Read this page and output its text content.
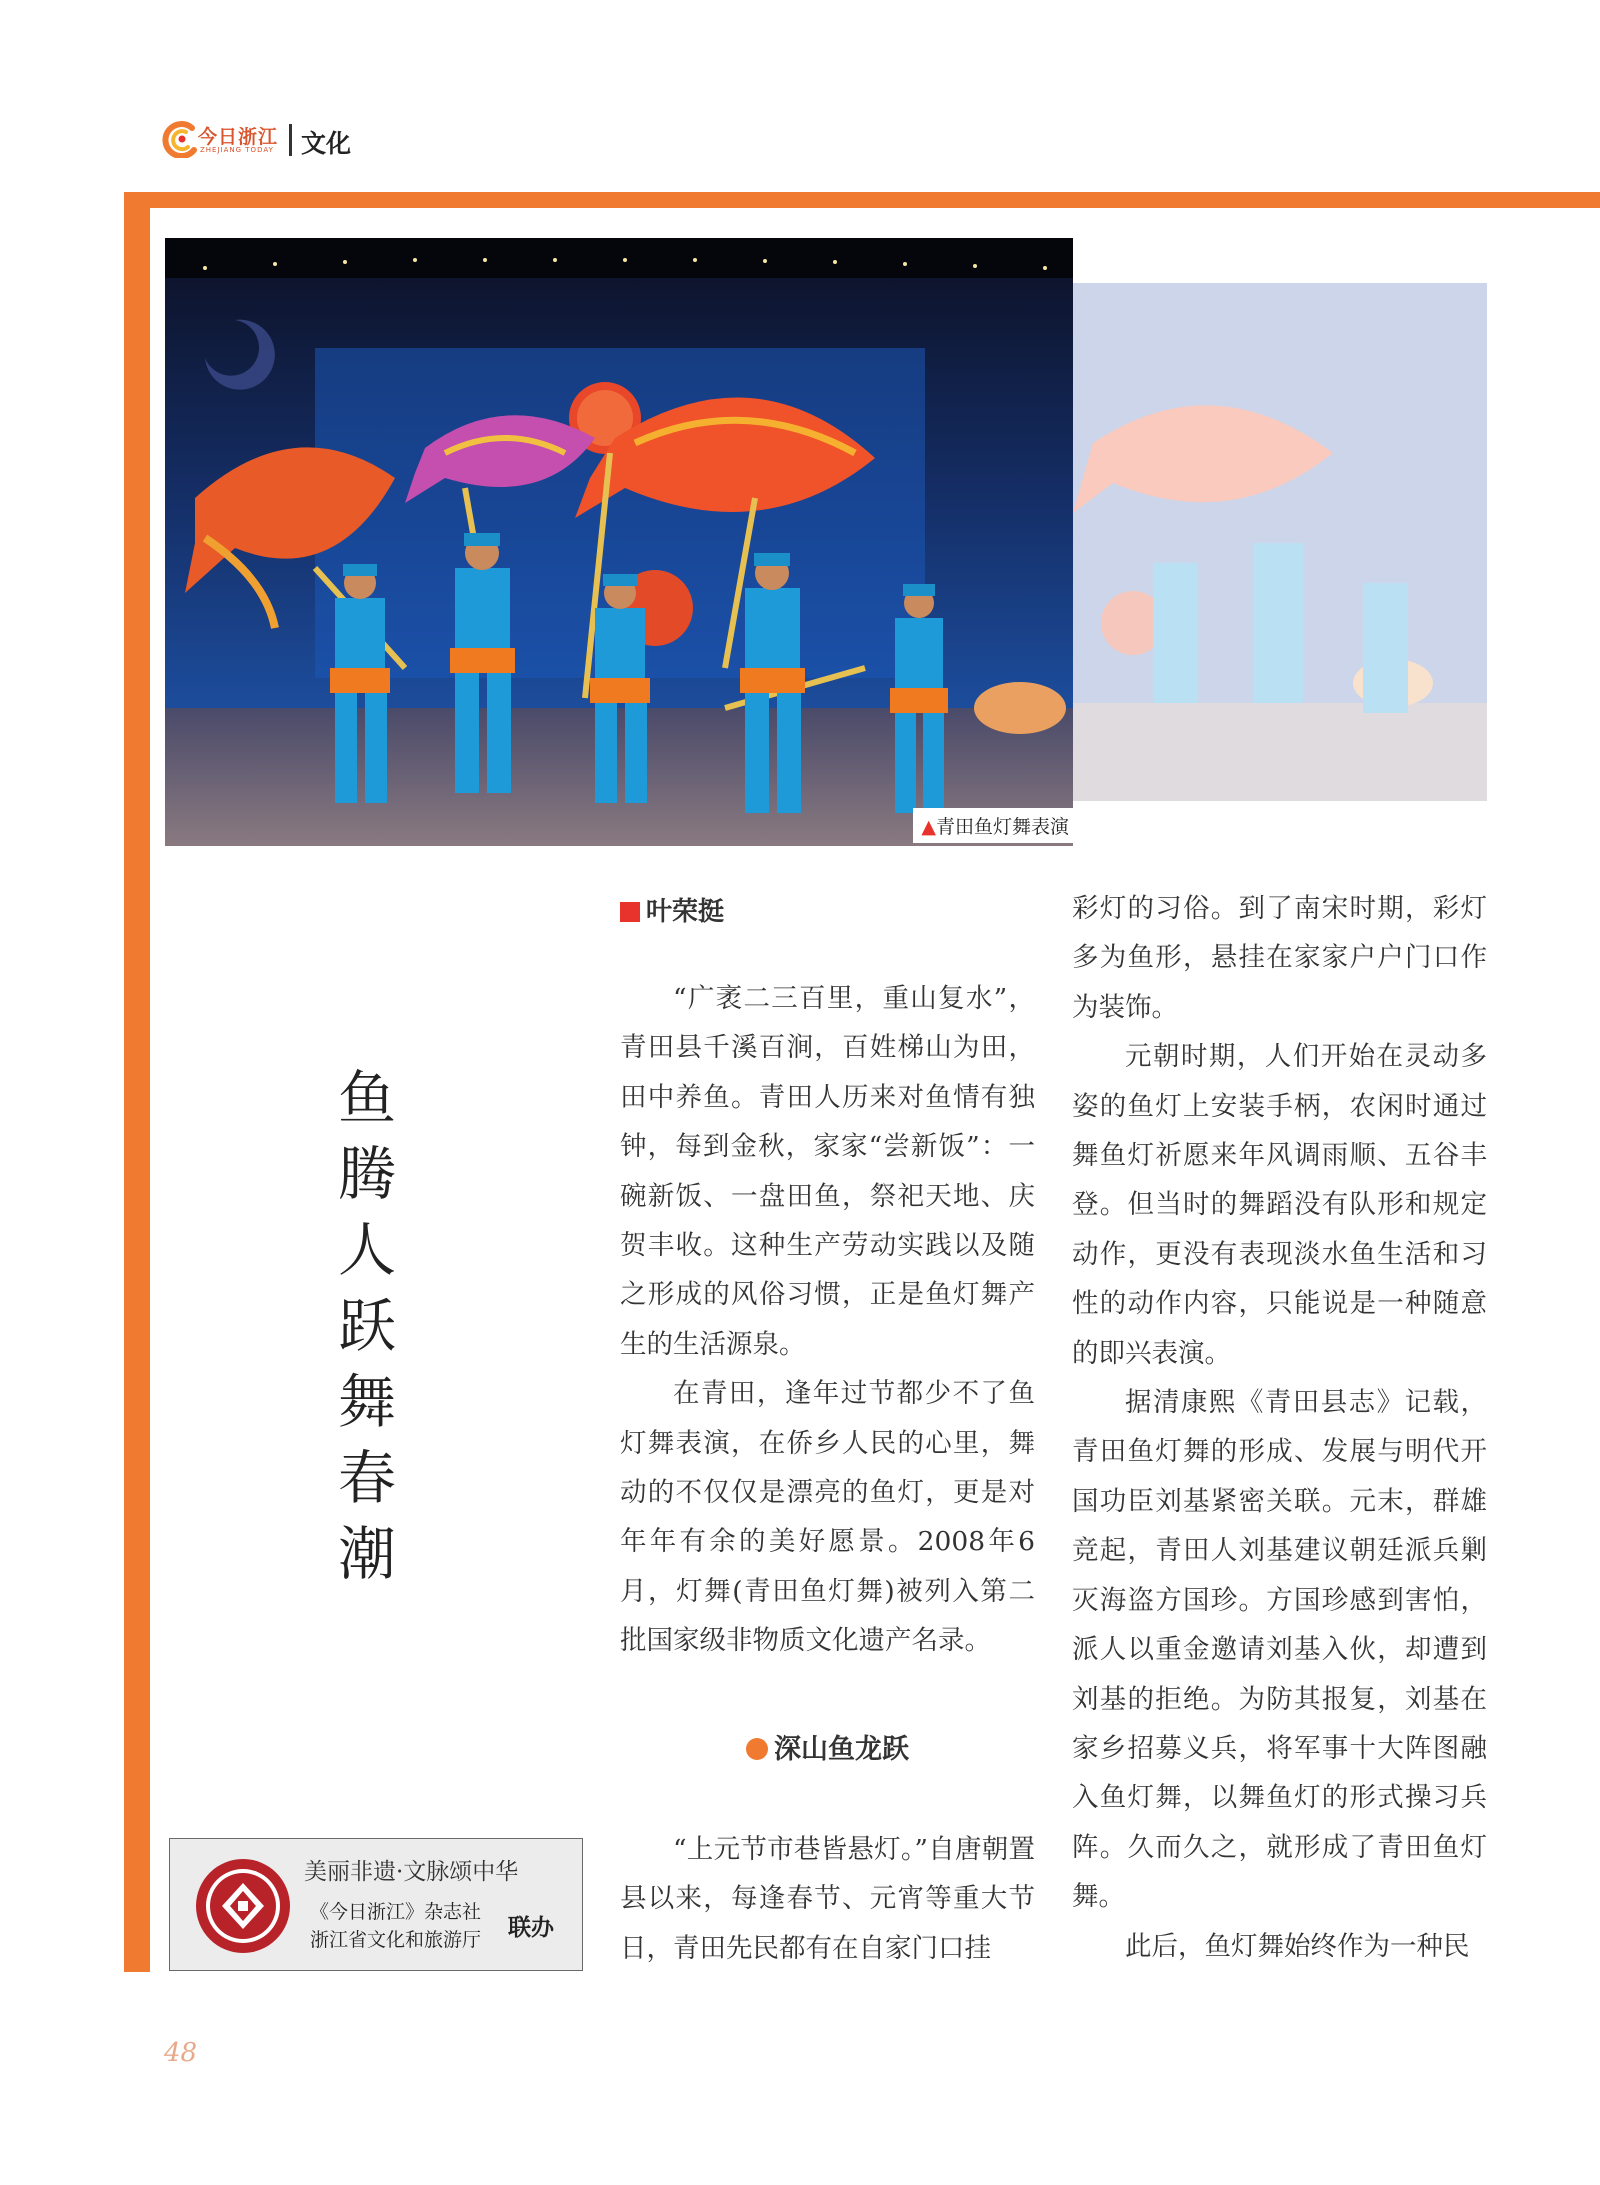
今日浙江
ZHEJIANG TODAY 文化
▲青田鱼灯舞表演
鱼腾人跃舞春潮
叶荣挺

“广袤二三百里，重山复水”，青田县千溪百涧，百姓梯山为田，田中养鱼。青田人历来对鱼情有独钟，每到金秋，家家“尝新饭”：一碗新饭、一盘田鱼，祭祀天地、庆贺丰收。这种生产劳动实践以及随之形成的风俗习惯，正是鱼灯舞产生的生活源泉。

在青田，逢年过节都少不了鱼灯舞表演，在侨乡人民的心里，舞动的不仅仅是漂亮的鱼灯，更是对年年有余的美好愿景。2008年6月，灯舞(青田鱼灯舞)被列入第二批国家级非物质文化遗产名录。

深山鱼龙跃

“上元节市巷皆悬灯。”自唐朝置县以来，每逢春节、元宵等重大节日，青田先民都有在自家门口挂

彩灯的习俗。到了南宋时期，彩灯多为鱼形，悬挂在家家户户门口作为装饰。

元朝时期，人们开始在灵动多姿的鱼灯上安装手柄，农闲时通过舞鱼灯祈愿来年风调雨顺、五谷丰登。但当时的舞蹈没有队形和规定动作，更没有表现淡水鱼生活和习性的动作内容，只能说是一种随意的即兴表演。

据清康熙《青田县志》记载，青田鱼灯舞的形成、发展与明代开国功臣刘基紧密关联。元末，群雄竞起，青田人刘基建议朝廷派兵剿灭海盗方国珍。方国珍感到害怕，派人以重金邀请刘基入伙，却遭到刘基的拒绝。为防其报复，刘基在家乡招募义兵，将军事十大阵图融入鱼灯舞，以舞鱼灯的形式操习兵阵。久而久之，就形成了青田鱼灯舞。

此后，鱼灯舞始终作为一种民

美丽非遗·文脉颂中华
《今日浙江》杂志社
浙江省文化和旅游厅 联办
48
